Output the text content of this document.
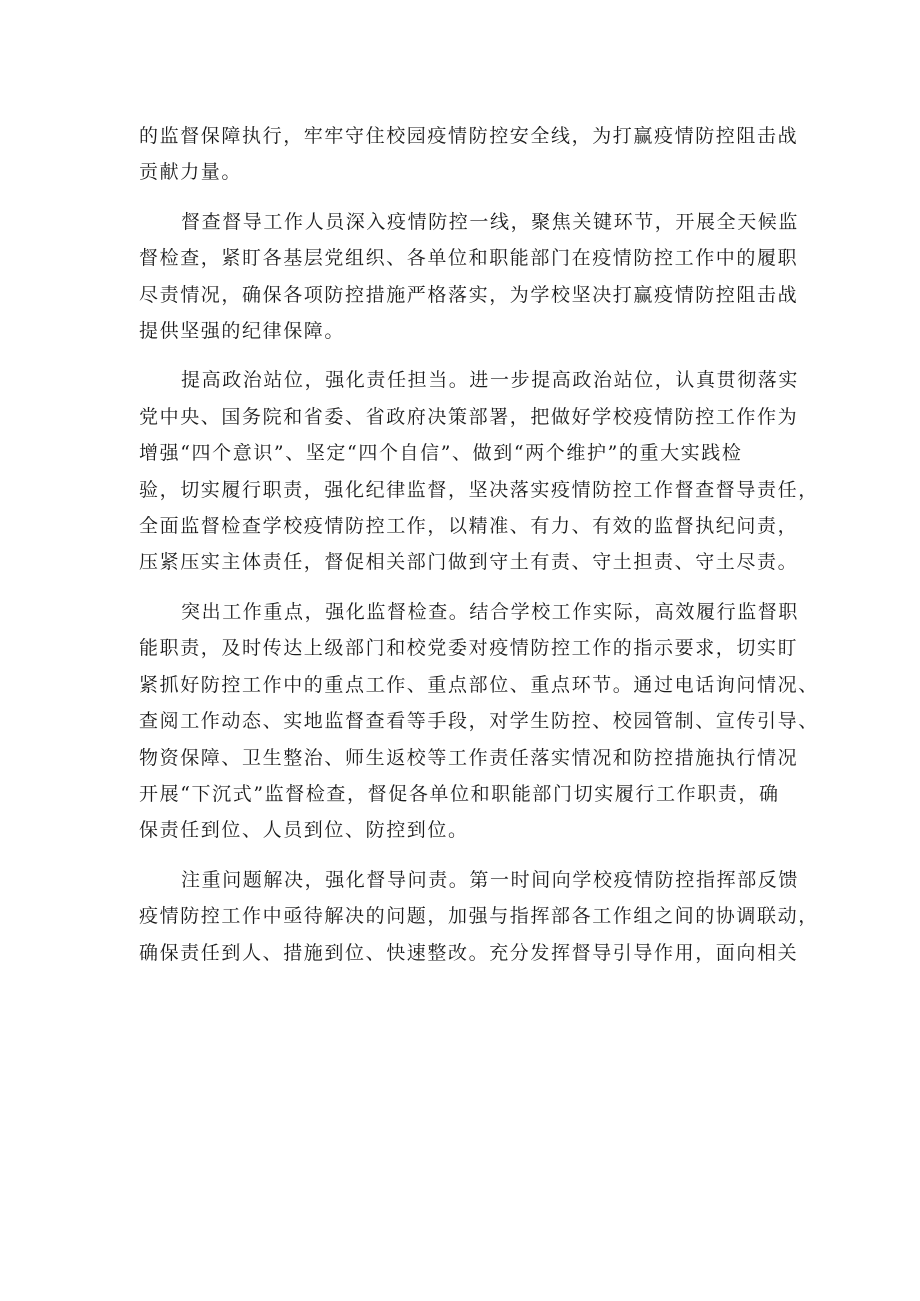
的监督保障执行，牢牢守住校园疫情防控安全线，为打赢疫情防控阻击战
贡献力量。

督查督导工作人员深入疫情防控一线，聚焦关键环节，开展全天候监
督检查，紧盯各基层党组织、各单位和职能部门在疫情防控工作中的履职
尽责情况，确保各项防控措施严格落实，为学校坚决打赢疫情防控阻击战
提供坚强的纪律保障。

提高政治站位，强化责任担当。进一步提高政治站位，认真贯彻落实
党中央、国务院和省委、省政府决策部署，把做好学校疫情防控工作作为
增强“四个意识”、坚定“四个自信”、做到“两个维护”的重大实践检
验，切实履行职责，强化纪律监督，坚决落实疫情防控工作督查督导责任，
全面监督检查学校疫情防控工作，以精准、有力、有效的监督执纪问责，
压紧压实主体责任，督促相关部门做到守土有责、守土担责、守土尽责。

突出工作重点，强化监督检查。结合学校工作实际，高效履行监督职
能职责，及时传达上级部门和校党委对疫情防控工作的指示要求，切实盯
紧抓好防控工作中的重点工作、重点部位、重点环节。通过电话询问情况、
查阅工作动态、实地监督查看等手段，对学生防控、校园管制、宣传引导、
物资保障、卫生整治、师生返校等工作责任落实情况和防控措施执行情况
开展“下沉式”监督检查，督促各单位和职能部门切实履行工作职责，确
保责任到位、人员到位、防控到位。

注重问题解决，强化督导问责。第一时间向学校疫情防控指挥部反馈
疫情防控工作中亟待解决的问题，加强与指挥部各工作组之间的协调联动，
确保责任到人、措施到位、快速整改。充分发挥督导引导作用，面向相关
